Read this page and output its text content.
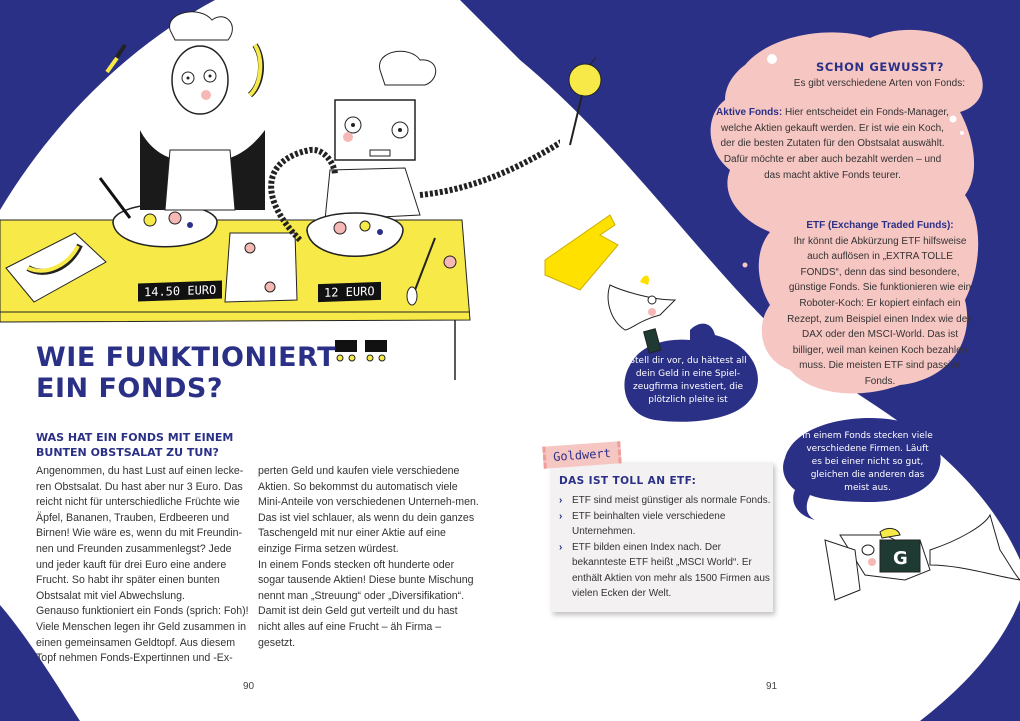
14.50 EURO	12 EURO
G
WIE FUNKTIONIERT
EIN FONDS?
WAS HAT EIN FONDS MIT EINEM BUNTEN OBSTSALAT ZU TUN?

Angenommen, du hast Lust auf einen lecke-ren Obstsalat. Du hast aber nur 3 Euro. Das reicht nicht für unterschiedliche Früchte wie Äpfel, Bananen, Trauben, Erdbeeren und Birnen! Wie wäre es, wenn du mit Freundin-nen und Freunden zusammenlegst? Jede und jeder kauft für drei Euro eine andere Frucht. So habt ihr später einen bunten Obstsalat mit viel Abwechslung.

Genauso funktioniert ein Fonds (sprich: Foh)! Viele Menschen legen ihr Geld zusammen in einen gemeinsamen Geldtopf. Aus diesem Topf nehmen Fonds-Expertinnen und -Ex-

perten Geld und kaufen viele verschiedene Aktien. So bekommst du automatisch viele Mini-Anteile von verschiedenen Unterneh-men. Das ist viel schlauer, als wenn du dein ganzes Taschengeld mit nur einer Aktie auf eine einzige Firma setzen würdest.

In einem Fonds stecken oft hunderte oder sogar tausende Aktien! Diese bunte Mischung nennt man „Streuung“ oder „Diversifikation“. Damit ist dein Geld gut verteilt und du hast nicht alles auf eine Frucht – äh Firma – gesetzt.

90
SCHON GEWUSST?
Es gibt verschiedene Arten von Fonds:
Aktive Fonds: Hier entscheidet ein Fonds-Manager, welche Aktien gekauft werden. Er ist wie ein Koch, der die besten Zutaten für den Obstsalat auswählt. Dafür möchte er aber auch bezahlt werden – und das macht aktive Fonds teurer.
ETF (Exchange Traded Funds):
Ihr könnt die Abkürzung ETF hilfsweise auch auflösen in „EXTRA TOLLE FONDS“, denn das sind besondere, günstige Fonds. Sie funktionieren wie ein Roboter-Koch: Er kopiert einfach ein Rezept, zum Beispiel einen Index wie den DAX oder den MSCI-World. Das ist billiger, weil man keinen Koch bezahlen muss. Die meisten ETF sind passive Fonds.
Stell dir vor, du hättest all dein Geld in eine Spiel-zeugfirma investiert, die plötzlich pleite ist
In einem Fonds stecken viele verschiedene Firmen. Läuft es bei einer nicht so gut, gleichen die anderen das meist aus.
Goldwert
DAS IST TOLL AN ETF:
› ETF sind meist günstiger als normale Fonds.
› ETF beinhalten viele verschiedene Unternehmen.
› ETF bilden einen Index nach. Der bekannteste ETF heißt „MSCI World“. Er enthält Aktien von mehr als 1500 Firmen aus vielen Ecken der Welt.
91
